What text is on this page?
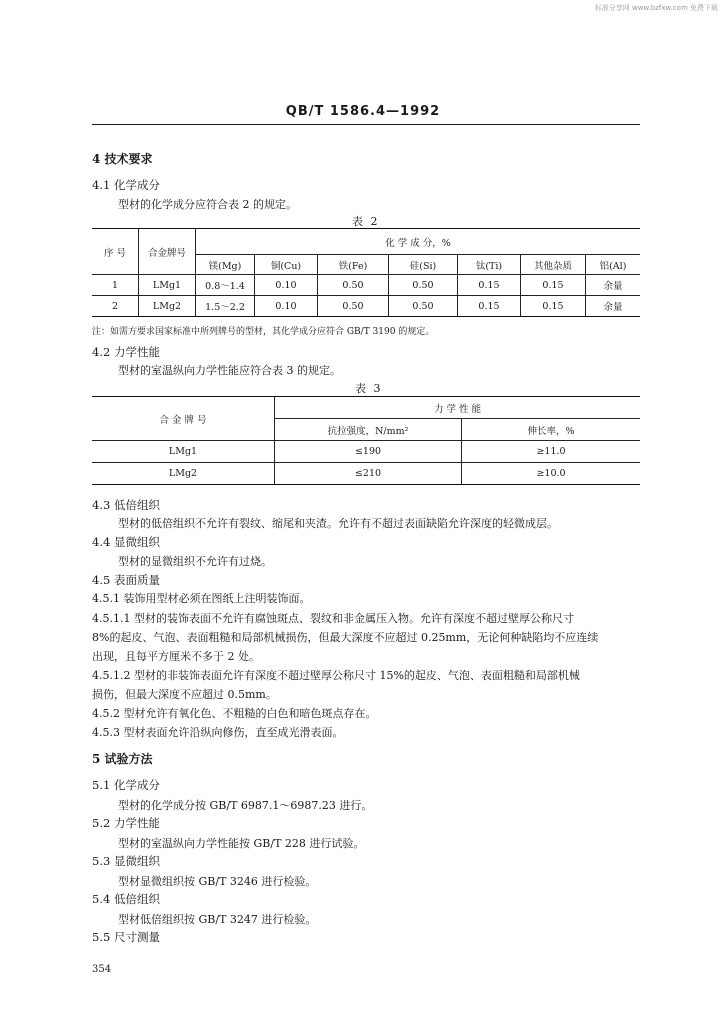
标准分享网 www.bzfxw.com 免费下载
QB/T 1586.4—1992
4 技术要求
4.1 化学成分
型材的化学成分应符合表 2 的规定。
表 2
序 号	合金牌号	化 学 成 分，%						
		镁(Mg)	铜(Cu)	铁(Fe)	硅(Si)	钛(Ti)	其他杂质	铝(Al)
1	LMg1	0.8～1.4	0.10	0.50	0.50	0.15	0.15	余量
2	LMg2	1.5～2.2	0.10	0.50	0.50	0.15	0.15	余量
注：如需方要求国家标准中所列牌号的型材，其化学成分应符合 GB/T 3190 的规定。
4.2 力学性能
型材的室温纵向力学性能应符合表 3 的规定。
表 3
合 金 牌 号	力 学 性 能	
	抗拉强度，N/mm²	伸长率，%
LMg1	≤190	≥11.0
LMg2	≤210	≥10.0
4.3 低倍组织
型材的低倍组织不允许有裂纹、缩尾和夹渣。允许有不超过表面缺陷允许深度的轻微成层。
4.4 显微组织
型材的显微组织不允许有过烧。
4.5 表面质量
4.5.1 装饰用型材必须在图纸上注明装饰面。
4.5.1.1 型材的装饰表面不允许有腐蚀斑点、裂纹和非金属压入物。允许有深度不超过壁厚公称尺寸
8%的起皮、气泡、表面粗糙和局部机械损伤，但最大深度不应超过 0.25mm，无论何种缺陷均不应连续
出现，且每平方厘米不多于 2 处。
4.5.1.2 型材的非装饰表面允许有深度不超过壁厚公称尺寸 15%的起皮、气泡、表面粗糙和局部机械
损伤，但最大深度不应超过 0.5mm。
4.5.2 型材允许有氧化色、不粗糙的白色和暗色斑点存在。
4.5.3 型材表面允许沿纵向修伤，直至成光滑表面。
5 试验方法
5.1 化学成分
型材的化学成分按 GB/T 6987.1～6987.23 进行。
5.2 力学性能
型材的室温纵向力学性能按 GB/T 228 进行试验。
5.3 显微组织
型材显微组织按 GB/T 3246 进行检验。
5.4 低倍组织
型材低倍组织按 GB/T 3247 进行检验。
5.5 尺寸测量
354
